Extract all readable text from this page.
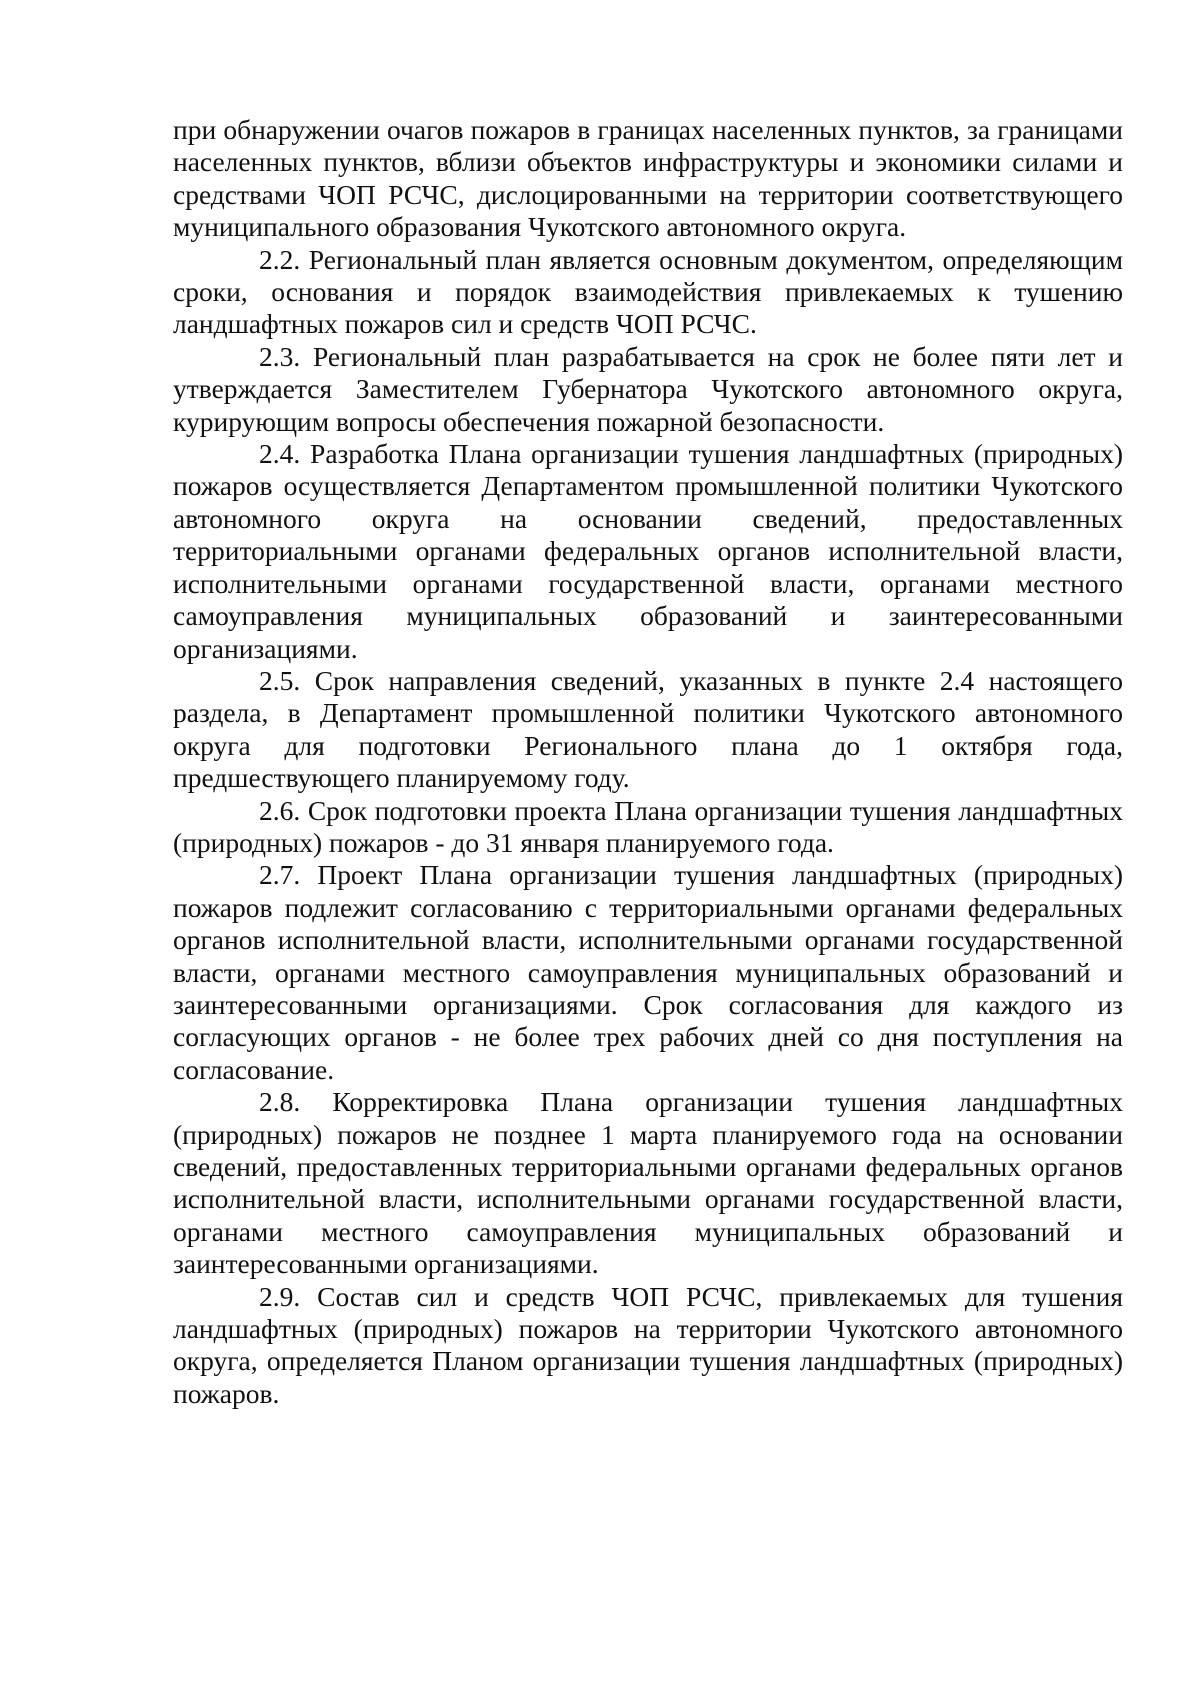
при обнаружении очагов пожаров в границах населенных пунктов, за границами населенных пунктов, вблизи объектов инфраструктуры и экономики силами и средствами ЧОП РСЧС, дислоцированными на территории соответствующего муниципального образования Чукотского автономного округа.

2.2. Региональный план является основным документом, определяющим сроки, основания и порядок взаимодействия привлекаемых к тушению ландшафтных пожаров сил и средств ЧОП РСЧС.

2.3. Региональный план разрабатывается на срок не более пяти лет и утверждается Заместителем Губернатора Чукотского автономного округа, курирующим вопросы обеспечения пожарной безопасности.

2.4. Разработка Плана организации тушения ландшафтных (природных) пожаров осуществляется Департаментом промышленной политики Чукотского автономного округа на основании сведений, предоставленных территориальными органами федеральных органов исполнительной власти, исполнительными органами государственной власти, органами местного самоуправления муниципальных образований и заинтересованными организациями.

2.5. Срок направления сведений, указанных в пункте 2.4 настоящего раздела, в Департамент промышленной политики Чукотского автономного округа для подготовки Регионального плана до 1 октября года, предшествующего планируемому году.

2.6. Срок подготовки проекта Плана организации тушения ландшафтных (природных) пожаров - до 31 января планируемого года.

2.7. Проект Плана организации тушения ландшафтных (природных) пожаров подлежит согласованию с территориальными органами федеральных органов исполнительной власти, исполнительными органами государственной власти, органами местного самоуправления муниципальных образований и заинтересованными организациями. Срок согласования для каждого из согласующих органов - не более трех рабочих дней со дня поступления на согласование.

2.8. Корректировка Плана организации тушения ландшафтных (природных) пожаров не позднее 1 марта планируемого года на основании сведений, предоставленных территориальными органами федеральных органов исполнительной власти, исполнительными органами государственной власти, органами местного самоуправления муниципальных образований и заинтересованными организациями.

2.9. Состав сил и средств ЧОП РСЧС, привлекаемых для тушения ландшафтных (природных) пожаров на территории Чукотского автономного округа, определяется Планом организации тушения ландшафтных (природных) пожаров.
